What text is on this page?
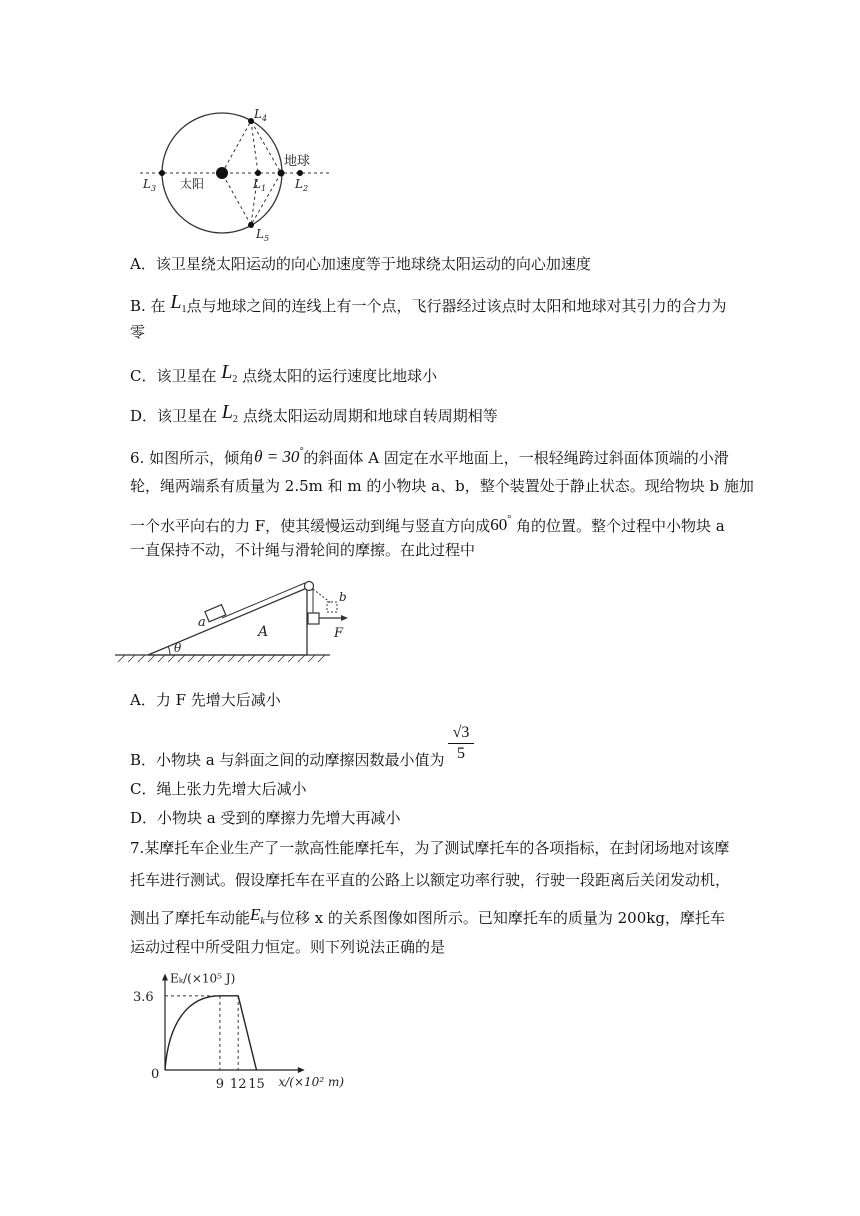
$L_4$
$L_3$ 太阳	$L_1$
地球
$L_2$
$L_5$
A．该卫星绕太阳运动的向心加速度等于地球绕太阳运动的向心加速度
B. 在 $L_1$点与地球之间的连线上有一个点，飞行器经过该点时太阳和地球对其引力的合力为
零
C．该卫星在 $L_2$ 点绕太阳的运行速度比地球小
D．该卫星在 $L_2$ 点绕太阳运动周期和地球自转周期相等
6. 如图所示，倾角θ = 30°的斜面体 A 固定在水平地面上，一根轻绳跨过斜面体顶端的小滑
轮，绳两端系有质量为 2.5m 和 m 的小物块 a、b，整个装置处于静止状态。现给物块 b 施加
一个水平向右的力 F，使其缓慢运动到绳与竖直方向成60° 角的位置。整个过程中小物块 a
一直保持不动，不计绳与滑轮间的摩擦。在此过程中
a
A
b
F
θ
A．力 F 先增大后减小
B．小物块 a 与斜面之间的动摩擦因数最小值为
√3
5
C．绳上张力先增大后减小
D．小物块 a 受到的摩擦力先增大再减小
7.某摩托车企业生产了一款高性能摩托车，为了测试摩托车的各项指标，在封闭场地对该摩
托车进行测试。假设摩托车在平直的公路上以额定功率行驶，行驶一段距离后关闭发动机，
测出了摩托车动能$E_k$与位移 x 的关系图像如图所示。已知摩托车的质量为 200kg，摩托车
运动过程中所受阻力恒定。则下列说法正确的是
Eₖ/(×10⁵ J)
x/(×10² m)
0
3.6
9 12 15
